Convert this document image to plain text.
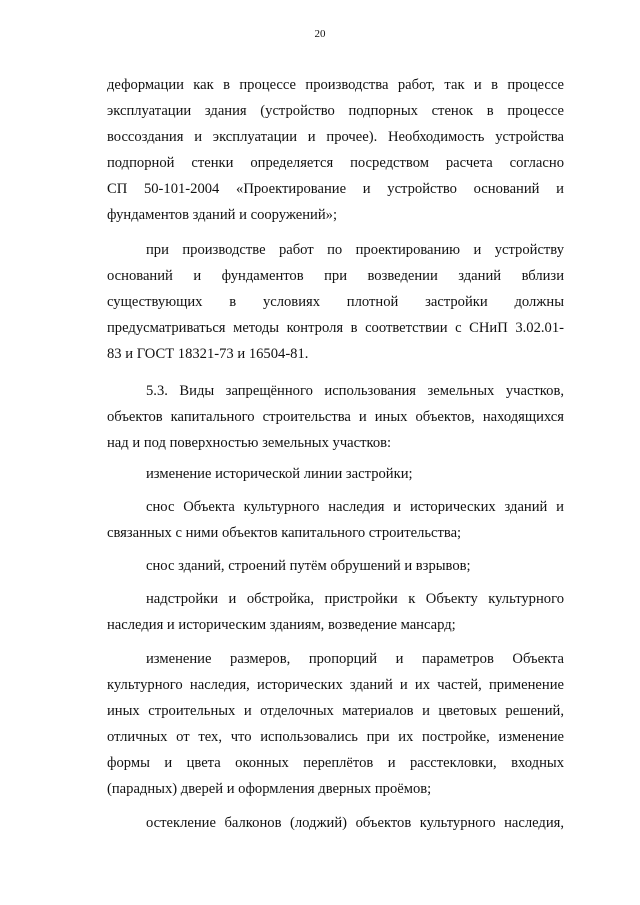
20
деформации как в процессе производства работ, так и в процессе
эксплуатации здания (устройство подпорных стенок в процессе
воссоздания и эксплуатации и прочее). Необходимость устройства
подпорной стенки определяется посредством расчета согласно
СП 50-101-2004 «Проектирование и устройство оснований и
фундаментов зданий и сооружений»;
при производстве работ по проектированию и устройству
оснований и фундаментов при возведении зданий вблизи
существующих в условиях плотной застройки должны
предусматриваться методы контроля в соответствии с СНиП 3.02.01-
83 и ГОСТ 18321-73 и 16504-81.
5.3. Виды запрещённого использования земельных участков,
объектов капитального строительства и иных объектов, находящихся
над и под поверхностью земельных участков:
изменение исторической линии застройки;
снос Объекта культурного наследия и исторических зданий и
связанных с ними объектов капитального строительства;
снос зданий, строений путём обрушений и взрывов;
надстройки и обстройка, пристройки к Объекту культурного
наследия и историческим зданиям, возведение мансард;
изменение размеров, пропорций и параметров Объекта
культурного наследия, исторических зданий и их частей, применение
иных строительных и отделочных материалов и цветовых решений,
отличных от тех, что использовались при их постройке, изменение
формы и цвета оконных переплётов и расстекловки, входных
(парадных) дверей и оформления дверных проёмов;
остекление балконов (лоджий) объектов культурного наследия,
